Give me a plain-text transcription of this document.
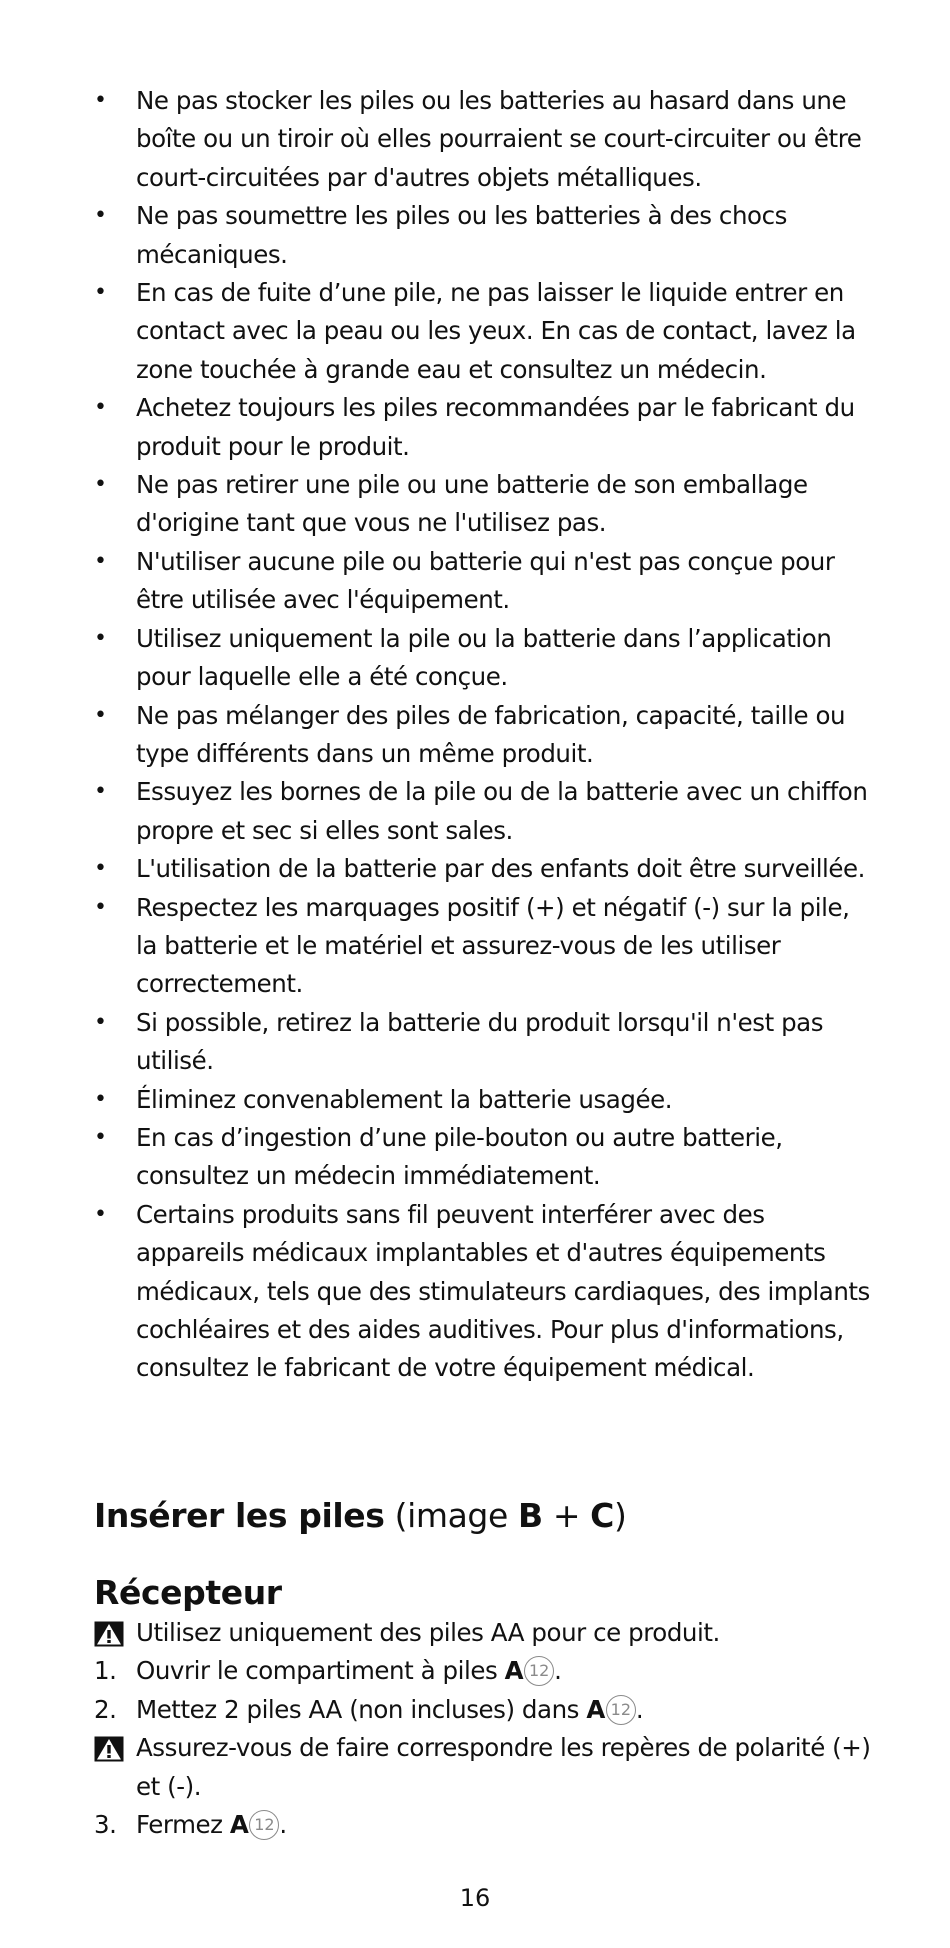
• Ne pas stocker les piles ou les batteries au hasard dans une boîte ou un tiroir où elles pourraient se court-circuiter ou être court-circuitées par d'autres objets métalliques.
• Ne pas soumettre les piles ou les batteries à des chocs mécaniques.
• En cas de fuite d’une pile, ne pas laisser le liquide entrer en contact avec la peau ou les yeux. En cas de contact, lavez la zone touchée à grande eau et consultez un médecin.
• Achetez toujours les piles recommandées par le fabricant du produit pour le produit.
• Ne pas retirer une pile ou une batterie de son emballage d'origine tant que vous ne l'utilisez pas.
• N'utiliser aucune pile ou batterie qui n'est pas conçue pour être utilisée avec l'équipement.
• Utilisez uniquement la pile ou la batterie dans l’application pour laquelle elle a été conçue.
• Ne pas mélanger des piles de fabrication, capacité, taille ou type différents dans un même produit.
• Essuyez les bornes de la pile ou de la batterie avec un chiffon propre et sec si elles sont sales.
• L'utilisation de la batterie par des enfants doit être surveillée.
• Respectez les marquages positif (+) et négatif (-) sur la pile, la batterie et le matériel et assurez-vous de les utiliser correctement.
• Si possible, retirez la batterie du produit lorsqu'il n'est pas utilisé.
• Éliminez convenablement la batterie usagée.
• En cas d’ingestion d’une pile-bouton ou autre batterie, consultez un médecin immédiatement.
• Certains produits sans fil peuvent interférer avec des appareils médicaux implantables et d'autres équipements médicaux, tels que des stimulateurs cardiaques, des implants cochléaires et des aides auditives. Pour plus d'informations, consultez le fabricant de votre équipement médical.
Insérer les piles (image B + C)
Récepteur
Utilisez uniquement des piles AA pour ce produit.
1. Ouvrir le compartiment à piles A 12 .
2. Mettez 2 piles AA (non incluses) dans A 12 .
Assurez-vous de faire correspondre les repères de polarité (+) et (-).
3. Fermez A 12 .
16
